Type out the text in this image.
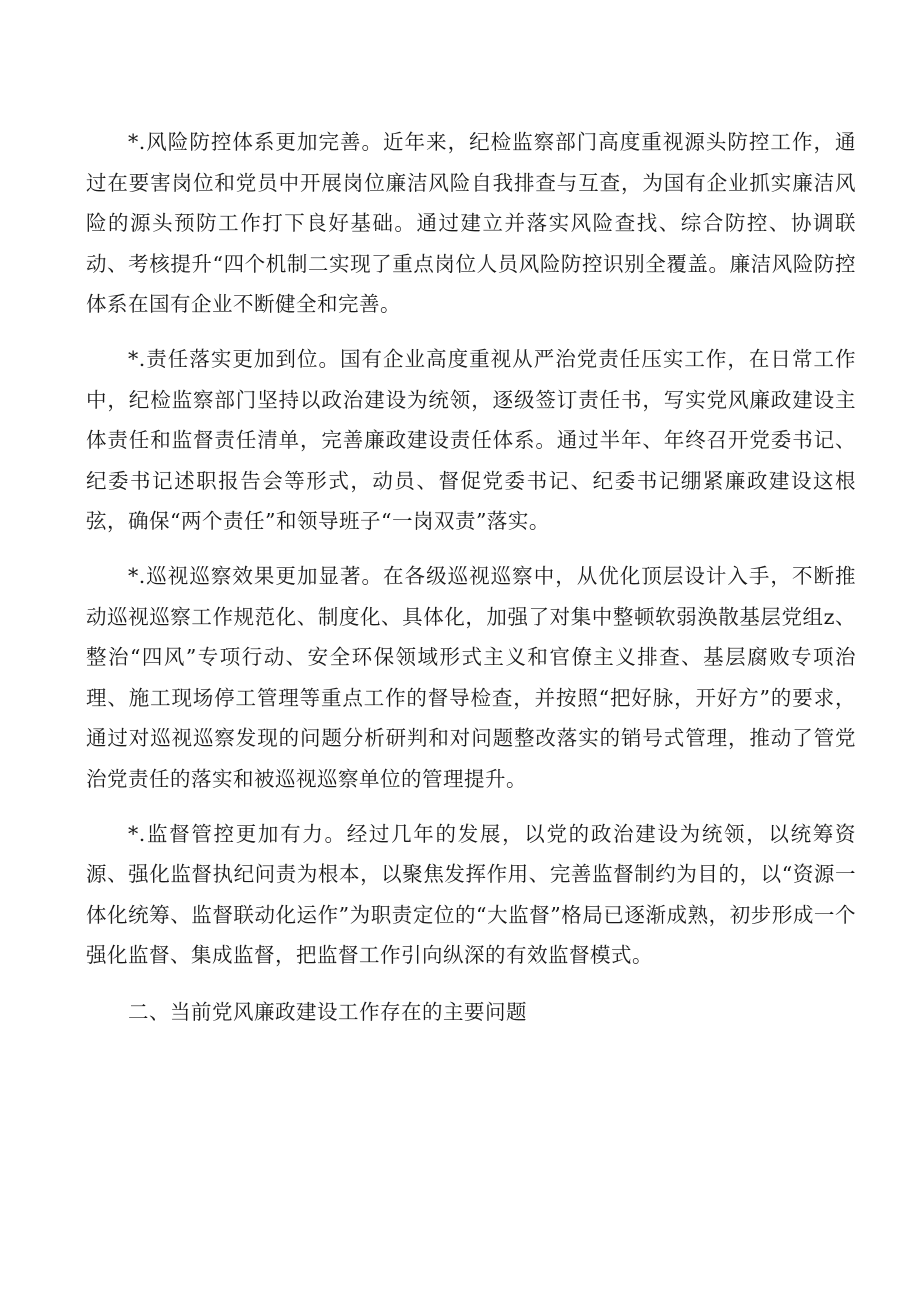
*.风险防控体系更加完善。近年来，纪检监察部门高度重视源头防控工作，通过在要害岗位和党员中开展岗位廉洁风险自我排查与互查，为国有企业抓实廉洁风险的源头预防工作打下良好基础。通过建立并落实风险查找、综合防控、协调联动、考核提升“四个机制二实现了重点岗位人员风险防控识别全覆盖。廉洁风险防控体系在国有企业不断健全和完善。

*.责任落实更加到位。国有企业高度重视从严治党责任压实工作，在日常工作中，纪检监察部门坚持以政治建设为统领，逐级签订责任书，写实党风廉政建设主体责任和监督责任清单，完善廉政建设责任体系。通过半年、年终召开党委书记、纪委书记述职报告会等形式，动员、督促党委书记、纪委书记绷紧廉政建设这根弦，确保“两个责任”和领导班子“一岗双责”落实。

*.巡视巡察效果更加显著。在各级巡视巡察中，从优化顶层设计入手，不断推动巡视巡察工作规范化、制度化、具体化，加强了对集中整顿软弱涣散基层党组z、整治“四风”专项行动、安全环保领域形式主义和官僚主义排查、基层腐败专项治理、施工现场停工管理等重点工作的督导检查，并按照“把好脉，开好方”的要求，通过对巡视巡察发现的问题分析研判和对问题整改落实的销号式管理，推动了管党治党责任的落实和被巡视巡察单位的管理提升。

*.监督管控更加有力。经过几年的发展，以党的政治建设为统领，以统筹资源、强化监督执纪问责为根本，以聚焦发挥作用、完善监督制约为目的，以“资源一体化统筹、监督联动化运作”为职责定位的“大监督”格局已逐渐成熟，初步形成一个强化监督、集成监督，把监督工作引向纵深的有效监督模式。

二、当前党风廉政建设工作存在的主要问题
